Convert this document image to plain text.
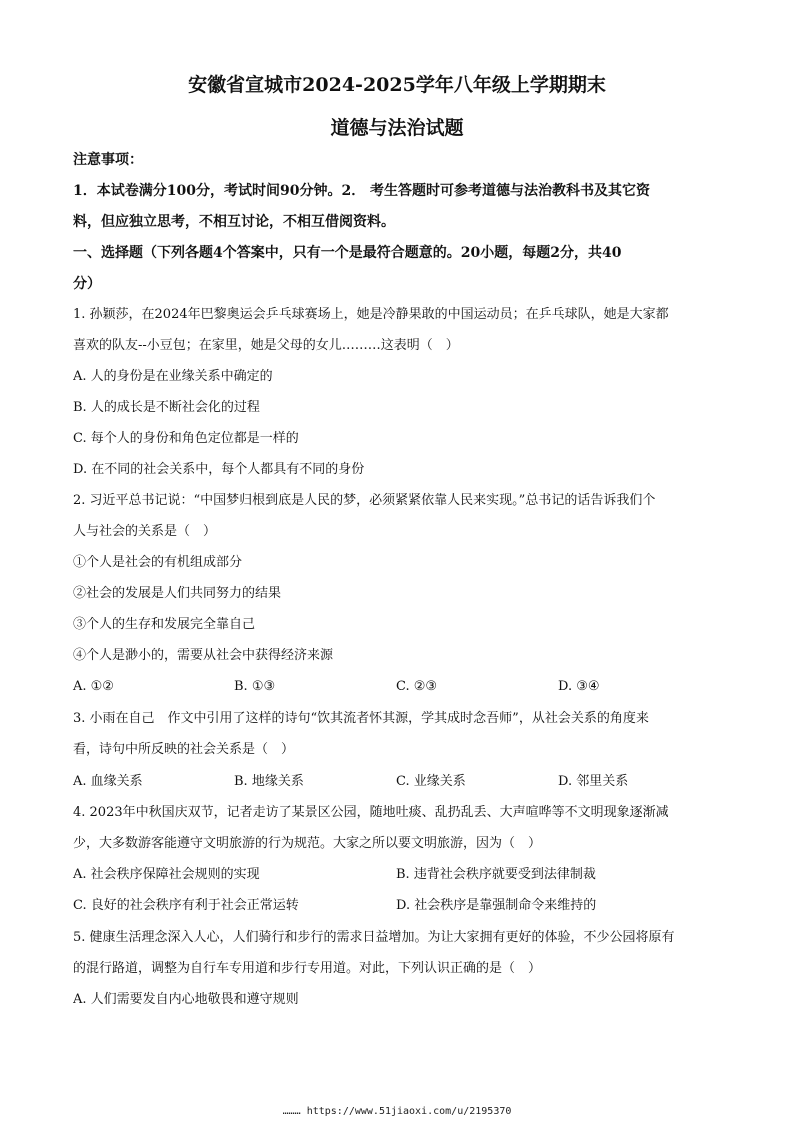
安徽省宣城市2024-2025学年八年级上学期期末
道德与法治试题
注意事项：
1．本试卷满分100分，考试时间90分钟。2． 考生答题时可参考道德与法治教科书及其它资
料，但应独立思考，不相互讨论，不相互借阅资料。
一、选择题（下列各题4个答案中，只有一个是最符合题意的。20小题，每题2分，共40
分）
1. 孙颖莎，在2024年巴黎奥运会乒乓球赛场上，她是冷静果敢的中国运动员；在乒乓球队，她是大家都
喜欢的队友--小豆包；在家里，她是父母的女儿………这表明（　）
A. 人的身份是在业缘关系中确定的
B. 人的成长是不断社会化的过程
C. 每个人的身份和角色定位都是一样的
D. 在不同的社会关系中，每个人都具有不同的身份
2. 习近平总书记说：“中国梦归根到底是人民的梦，必须紧紧依靠人民来实现。”总书记的话告诉我们个
人与社会的关系是（　）
①个人是社会的有机组成部分
②社会的发展是人们共同努力的结果
③个人的生存和发展完全靠自己
④个人是渺小的，需要从社会中获得经济来源
A. ①②	B. ①③	C. ②③	D. ③④
3. 小雨在自己　作文中引用了这样的诗句“饮其流者怀其源，学其成时念吾师”，从社会关系的角度来
看，诗句中所反映的社会关系是（　）
A. 血缘关系	B. 地缘关系	C. 业缘关系	D. 邻里关系
4. 2023年中秋国庆双节，记者走访了某景区公园，随地吐痰、乱扔乱丢、大声喧哗等不文明现象逐渐减
少，大多数游客能遵守文明旅游的行为规范。大家之所以要文明旅游，因为（　）
A. 社会秩序保障社会规则的实现	B. 违背社会秩序就要受到法律制裁
C. 良好的社会秩序有利于社会正常运转	D. 社会秩序是靠强制命令来维持的
5. 健康生活理念深入人心，人们骑行和步行的需求日益增加。为让大家拥有更好的体验，不少公园将原有
的混行路道，调整为自行车专用道和步行专用道。对此，下列认识正确的是（　）
A. 人们需要发自内心地敬畏和遵守规则
……… https://www.51jiaoxi.com/u/2195370
